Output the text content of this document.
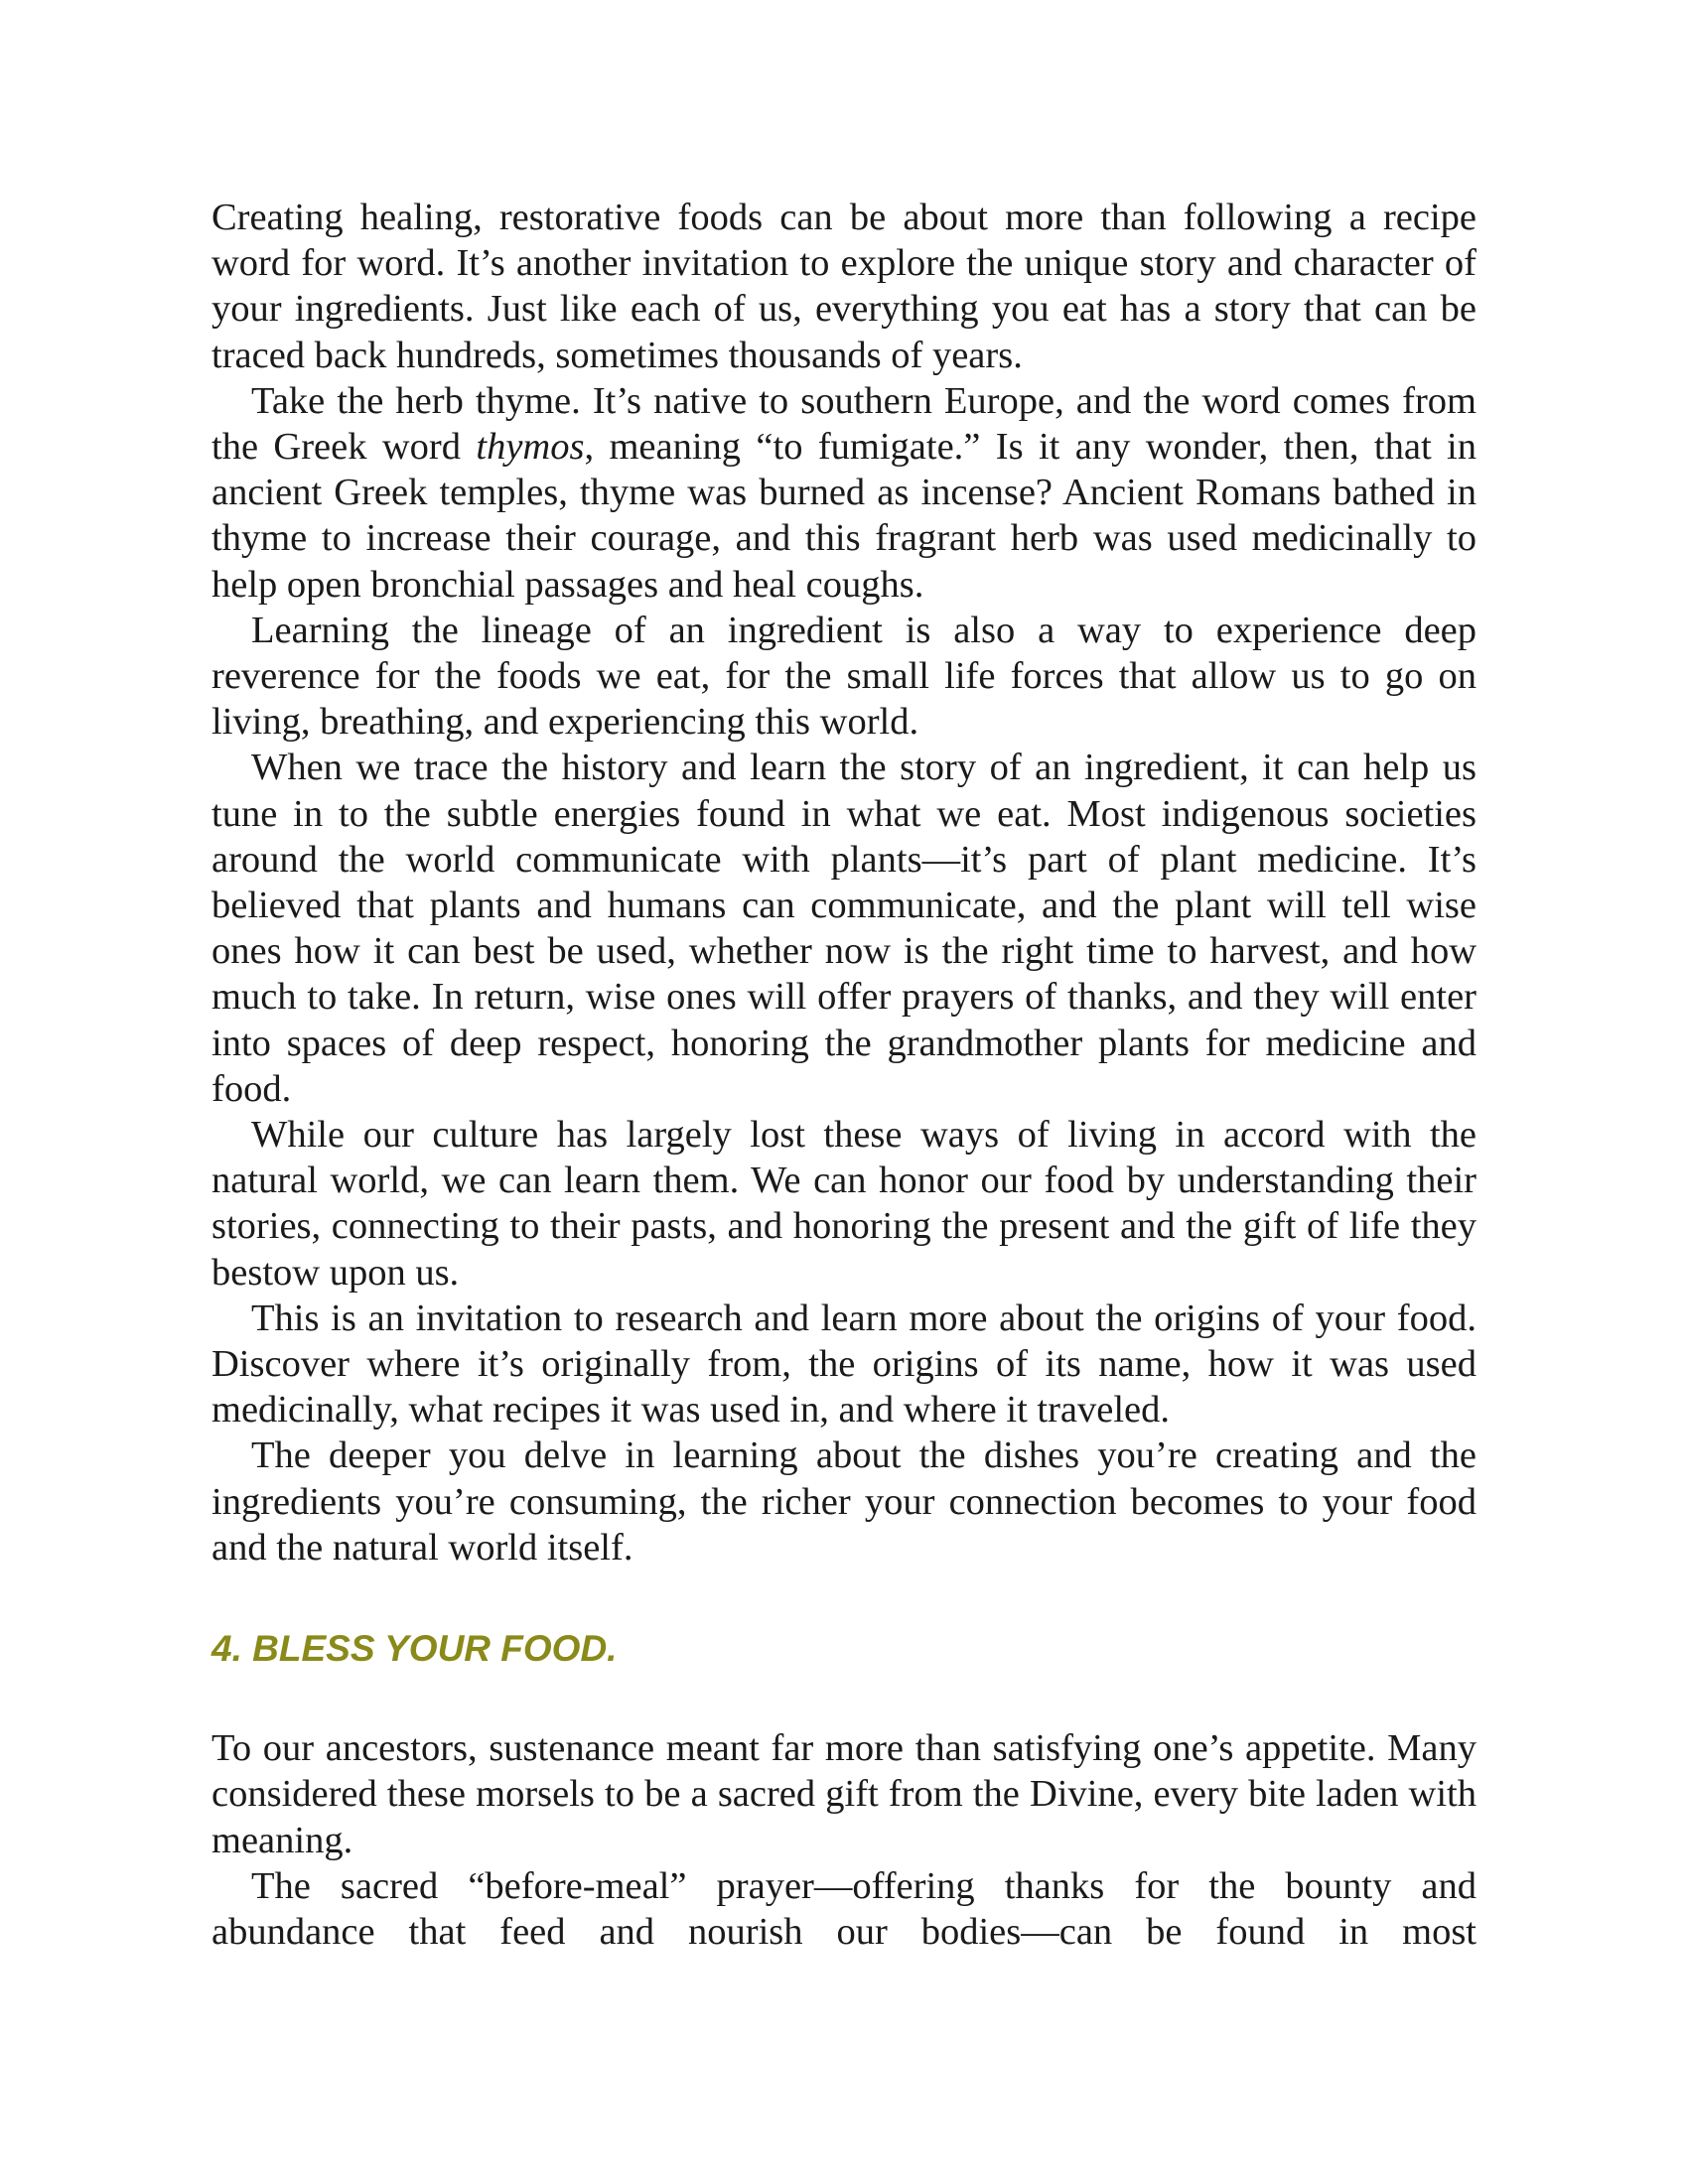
Creating healing, restorative foods can be about more than following a recipe word for word. It’s another invitation to explore the unique story and character of your ingredients. Just like each of us, everything you eat has a story that can be traced back hundreds, sometimes thousands of years.

Take the herb thyme. It’s native to southern Europe, and the word comes from the Greek word thymos, meaning “to fumigate.” Is it any wonder, then, that in ancient Greek temples, thyme was burned as incense? Ancient Romans bathed in thyme to increase their courage, and this fragrant herb was used medicinally to help open bronchial passages and heal coughs.

Learning the lineage of an ingredient is also a way to experience deep reverence for the foods we eat, for the small life forces that allow us to go on living, breathing, and experiencing this world.

When we trace the history and learn the story of an ingredient, it can help us tune in to the subtle energies found in what we eat. Most indigenous societies around the world communicate with plants—it’s part of plant medicine. It’s believed that plants and humans can communicate, and the plant will tell wise ones how it can best be used, whether now is the right time to harvest, and how much to take. In return, wise ones will offer prayers of thanks, and they will enter into spaces of deep respect, honoring the grandmother plants for medicine and food.

While our culture has largely lost these ways of living in accord with the natural world, we can learn them. We can honor our food by understanding their stories, connecting to their pasts, and honoring the present and the gift of life they bestow upon us.

This is an invitation to research and learn more about the origins of your food. Discover where it’s originally from, the origins of its name, how it was used medicinally, what recipes it was used in, and where it traveled.

The deeper you delve in learning about the dishes you’re creating and the ingredients you’re consuming, the richer your connection becomes to your food and the natural world itself.

4. BLESS YOUR FOOD.

To our ancestors, sustenance meant far more than satisfying one’s appetite. Many considered these morsels to be a sacred gift from the Divine, every bite laden with meaning.

The sacred “before-meal” prayer—offering thanks for the bounty and abundance that feed and nourish our bodies—can be found in most
